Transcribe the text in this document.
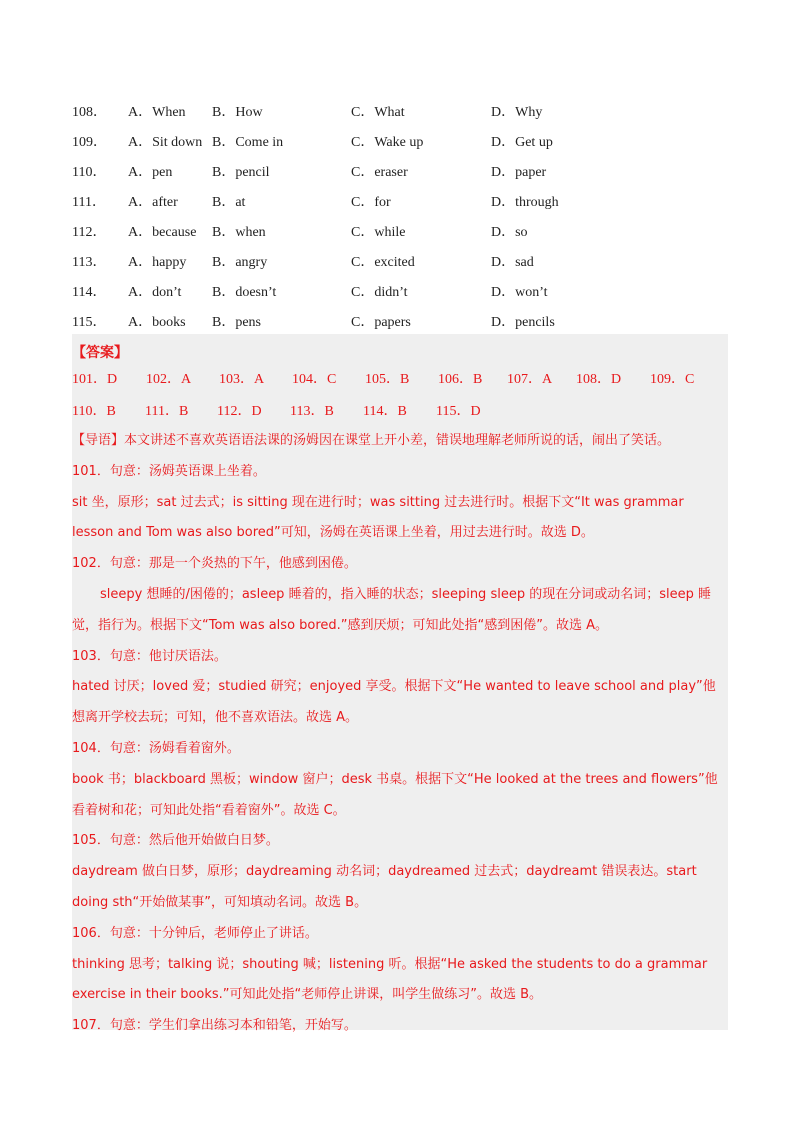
108．	A．When	B．How	C．What	D．Why
109．	A．Sit down B．Come in	C．Wake up	D．Get up
110．	A．pen	B．pencil	C．eraser	D．paper
111．	A．after	B．at	C．for	D．through
112．	A．because	B．when	C．while	D．so
113．	A．happy	B．angry	C．excited	D．sad
114．	A．don’t	B．doesn’t	C．didn’t	D．won’t
115．	A．books	B．pens	C．papers	D．pencils
【答案】
101．D	102．A	103．A	104．C	105．B	106．B	107．A	108．D	109．C
110．B	111．B	112．D	113．B	114．B	115．D

【导语】本文讲述不喜欢英语语法课的汤姆因在课堂上开小差，错误地理解老师所说的话，闹出了笑话。

101．句意：汤姆英语课上坐着。

sit 坐，原形；sat 过去式；is sitting 现在进行时；was sitting 过去进行时。根据下文“It was grammar lesson and Tom was also bored”可知，汤姆在英语课上坐着，用过去进行时。故选 D。

102．句意：那是一个炎热的下午，他感到困倦。

sleepy 想睡的/困倦的；asleep 睡着的，指入睡的状态；sleeping sleep 的现在分词或动名词；sleep 睡觉，指行为。根据下文“Tom was also bored.”感到厌烦；可知此处指“感到困倦”。故选 A。

103．句意：他讨厌语法。

hated 讨厌；loved 爱；studied 研究；enjoyed 享受。根据下文“He wanted to leave school and play”他想离开学校去玩；可知，他不喜欢语法。故选 A。

104．句意：汤姆看着窗外。

book 书；blackboard 黑板；window 窗户；desk 书桌。根据下文“He looked at the trees and flowers”他看着树和花；可知此处指“看着窗外”。故选 C。

105．句意：然后他开始做白日梦。

daydream 做白日梦，原形；daydreaming 动名词；daydreamed 过去式；daydreamt 错误表达。start doing sth“开始做某事”，可知填动名词。故选 B。

106．句意：十分钟后，老师停止了讲话。

thinking 思考；talking 说；shouting 喊；listening 听。根据“He asked the students to do a grammar exercise in their books.”可知此处指“老师停止讲课，叫学生做练习”。故选 B。

107．句意：学生们拿出练习本和铅笔，开始写。
